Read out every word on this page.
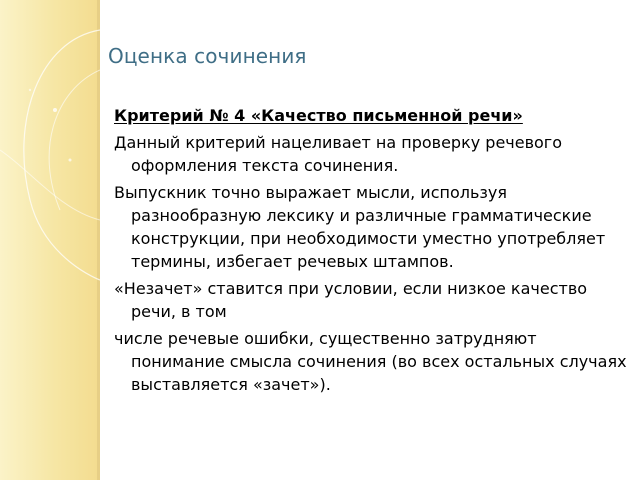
Оценка сочинения

Критерий № 4 «Качество письменной речи»

Данный критерий нацеливает на проверку речевого оформления текста сочинения.

Выпускник точно выражает мысли, используя разнообразную лексику и различные грамматические конструкции, при необходимости уместно употребляет термины, избегает речевых штампов.

«Незачет» ставится при условии, если низкое качество речи, в том

числе речевые ошибки, существенно затрудняют понимание смысла сочинения (во всех остальных случаях выставляется «зачет»).
